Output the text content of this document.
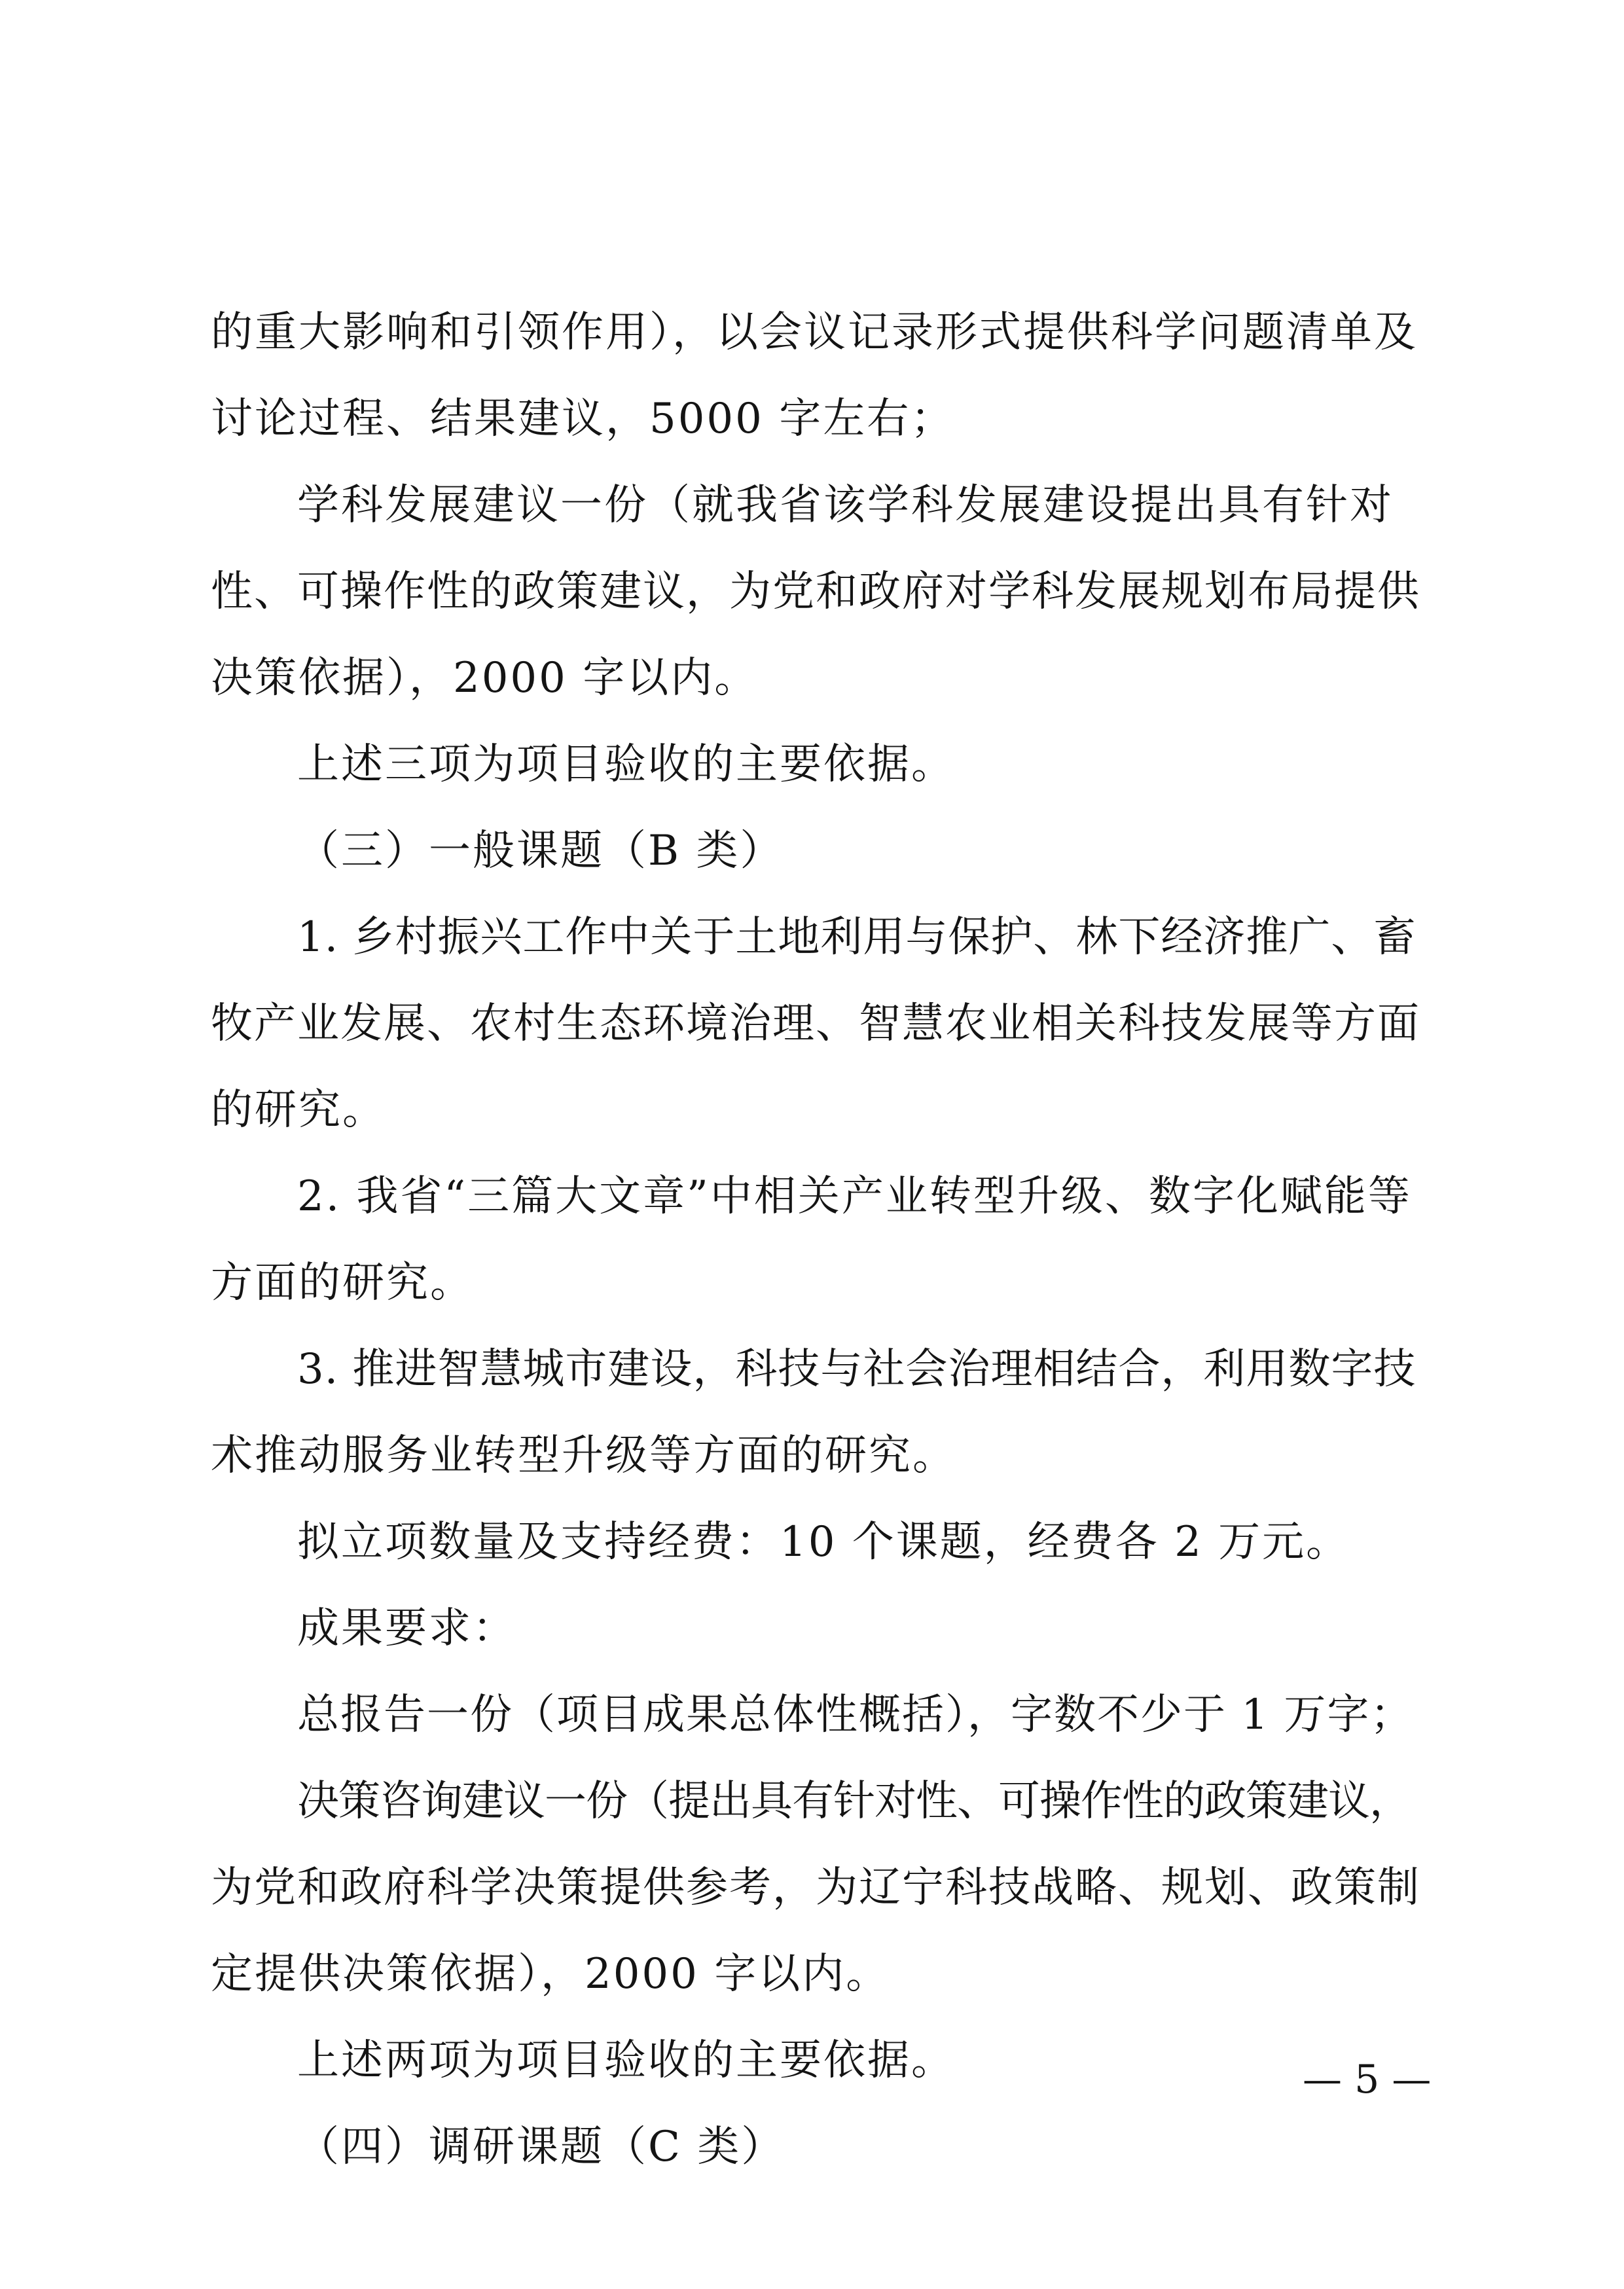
的重大影响和引领作用），以会议记录形式提供科学问题清单及
讨论过程、结果建议，5000 字左右；
学科发展建议一份（就我省该学科发展建设提出具有针对
性、可操作性的政策建议，为党和政府对学科发展规划布局提供
决策依据），2000 字以内。
上述三项为项目验收的主要依据。
（三）一般课题（B 类）
1. 乡村振兴工作中关于土地利用与保护、林下经济推广、畜
牧产业发展、农村生态环境治理、智慧农业相关科技发展等方面
的研究。
2. 我省“三篇大文章”中相关产业转型升级、数字化赋能等
方面的研究。
3. 推进智慧城市建设，科技与社会治理相结合，利用数字技
术推动服务业转型升级等方面的研究。
拟立项数量及支持经费：10 个课题，经费各 2 万元。
成果要求：
总报告一份（项目成果总体性概括），字数不少于 1 万字；
决策咨询建议一份（提出具有针对性、可操作性的政策建议，
为党和政府科学决策提供参考，为辽宁科技战略、规划、政策制
定提供决策依据），2000 字以内。
上述两项为项目验收的主要依据。
（四）调研课题（C 类）
— 5 —
